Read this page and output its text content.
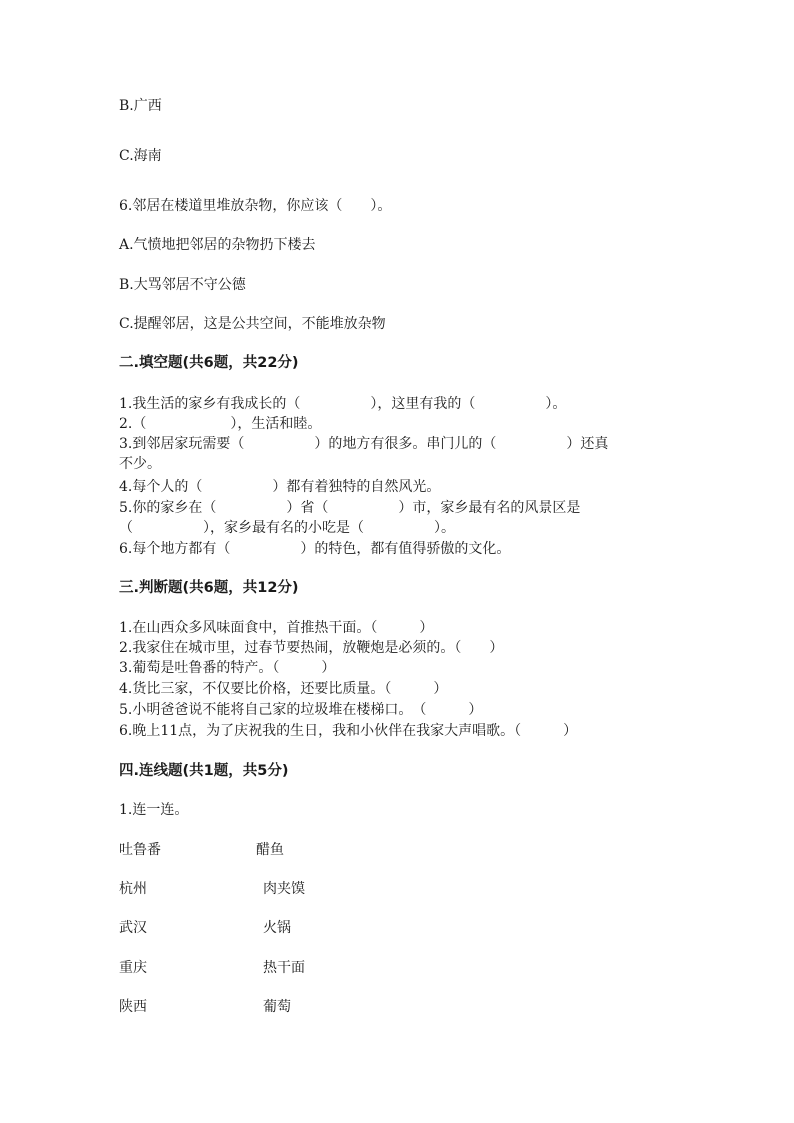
B.广西
C.海南
6.邻居在楼道里堆放杂物，你应该（　　）。
A.气愤地把邻居的杂物扔下楼去
B.大骂邻居不守公德
C.提醒邻居，这是公共空间，不能堆放杂物
二.填空题(共6题，共22分)
1.我生活的家乡有我成长的（　　　　　），这里有我的（　　　　　）。
2.（　　　　　　），生活和睦。
3.到邻居家玩需要（　　　　　）的地方有很多。串门儿的（　　　　　）还真
不少。
4.每个人的（　　　　　）都有着独特的自然风光。
5.你的家乡在（　　　　　）省（　　　　　）市，家乡最有名的风景区是
（　　　　　），家乡最有名的小吃是（　　　　　）。
6.每个地方都有（　　　　　）的特色，都有值得骄傲的文化。
三.判断题(共6题，共12分)
1.在山西众多风味面食中，首推热干面。（　　　）
2.我家住在城市里，过春节要热闹，放鞭炮是必须的。（　　）
3.葡萄是吐鲁番的特产。（　　　）
4.货比三家，不仅要比价格，还要比质量。（　　　）
5.小明爸爸说不能将自己家的垃圾堆在楼梯口。　（　　　）
6.晚上11点，为了庆祝我的生日，我和小伙伴在我家大声唱歌。（　　　）
四.连线题(共1题，共5分)
1.连一连。
吐鲁番	醋鱼
杭州	肉夹馍
武汉	火锅
重庆	热干面
陕西	葡萄
